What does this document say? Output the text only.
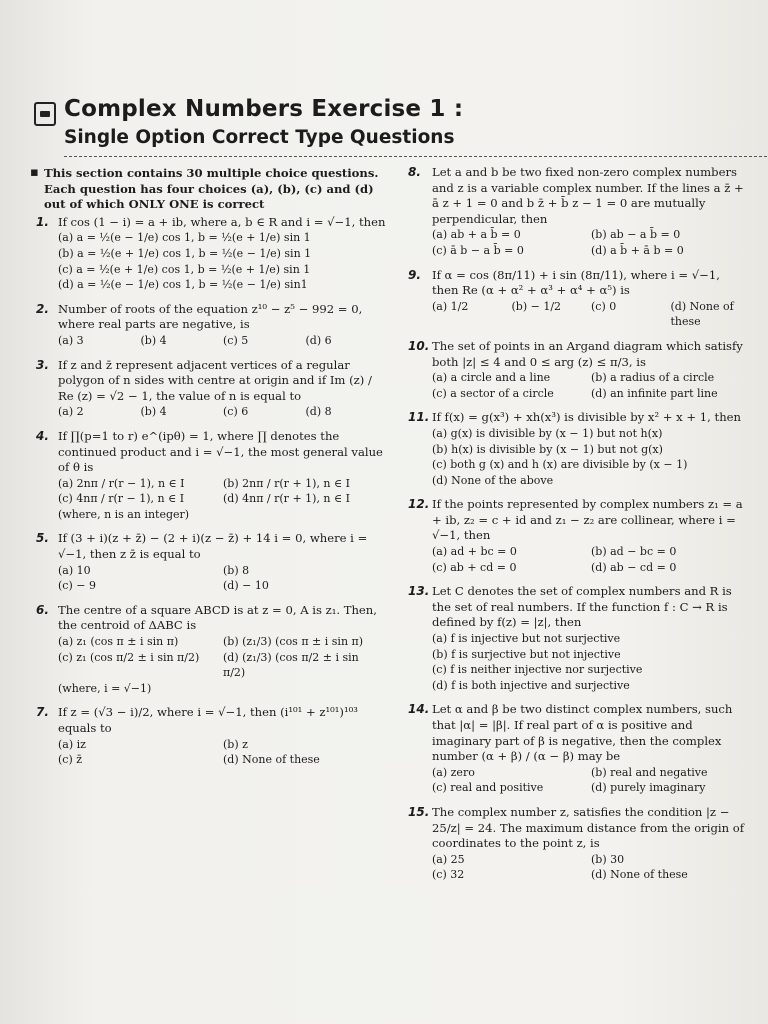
Complex Numbers Exercise 1 :
Single Option Correct Type Questions
▪ This section contains 30 multiple choice questions. Each question has four choices (a), (b), (c) and (d) out of which ONLY ONE is correct
1. If cos (1 − i) = a + ib, where a, b ∈ R and i = √−1, then
(a) a = ½(e − 1/e) cos 1, b = ½(e + 1/e) sin 1
(b) a = ½(e + 1/e) cos 1, b = ½(e − 1/e) sin 1
(c) a = ½(e + 1/e) cos 1, b = ½(e + 1/e) sin 1
(d) a = ½(e − 1/e) cos 1, b = ½(e − 1/e) sin1
2. Number of roots of the equation z¹⁰ − z⁵ − 992 = 0, where real parts are negative, is
(a) 3	(b) 4	(c) 5	(d) 6
3. If z and z̄ represent adjacent vertices of a regular polygon of n sides with centre at origin and if Im (z) / Re (z) = √2 − 1, the value of n is equal to
(a) 2	(b) 4	(c) 6	(d) 8
4. If ∏(p=1 to r) e^(ipθ) = 1, where ∏ denotes the continued product and i = √−1, the most general value of θ is
(a) 2nπ / r(r − 1), n ∈ I	(b) 2nπ / r(r + 1), n ∈ I
(c) 4nπ / r(r − 1), n ∈ I	(d) 4nπ / r(r + 1), n ∈ I
(where, n is an integer)
5. If (3 + i)(z + z̄) − (2 + i)(z − z̄) + 14 i = 0, where i = √−1, then z z̄ is equal to
(a) 10	(b) 8
(c) − 9	(d) − 10
6. The centre of a square ABCD is at z = 0, A is z₁. Then, the centroid of ΔABC is
(a) z₁ (cos π ± i sin π)	(b) (z₁/3) (cos π ± i sin π)
(c) z₁ (cos π/2 ± i sin π/2)	(d) (z₁/3) (cos π/2 ± i sin π/2)
(where, i = √−1)
7. If z = (√3 − i)/2, where i = √−1, then (i¹⁰¹ + z¹⁰¹)¹⁰³ equals to
(a) iz	(b) z
(c) z̄	(d) None of these
8. Let a and b be two fixed non-zero complex numbers and z is a variable complex number. If the lines a z̄ + ā z + 1 = 0 and b z̄ + b̄ z − 1 = 0 are mutually perpendicular, then
(a) ab + a b̄ = 0	(b) ab − a b̄ = 0
(c) ā b − a b̄ = 0	(d) a b̄ + ā b = 0
9. If α = cos (8π/11) + i sin (8π/11), where i = √−1, then Re (α + α² + α³ + α⁴ + α⁵) is
(a) 1/2	(b) − 1/2	(c) 0	(d) None of these
10. The set of points in an Argand diagram which satisfy both |z| ≤ 4 and 0 ≤ arg (z) ≤ π/3, is
(a) a circle and a line	(b) a radius of a circle
(c) a sector of a circle	(d) an infinite part line
11. If f(x) = g(x³) + xh(x³) is divisible by x² + x + 1, then
(a) g(x) is divisible by (x − 1) but not h(x)
(b) h(x) is divisible by (x − 1) but not g(x)
(c) both g (x) and h (x) are divisible by (x − 1)
(d) None of the above
12. If the points represented by complex numbers z₁ = a + ib, z₂ = c + id and z₁ − z₂ are collinear, where i = √−1, then
(a) ad + bc = 0	(b) ad − bc = 0
(c) ab + cd = 0	(d) ab − cd = 0
13. Let C denotes the set of complex numbers and R is the set of real numbers. If the function f : C → R is defined by f(z) = |z|, then
(a) f is injective but not surjective
(b) f is surjective but not injective
(c) f is neither injective nor surjective
(d) f is both injective and surjective
14. Let α and β be two distinct complex numbers, such that |α| = |β|. If real part of α is positive and imaginary part of β is negative, then the complex number (α + β) / (α − β) may be
(a) zero	(b) real and negative
(c) real and positive	(d) purely imaginary
15. The complex number z, satisfies the condition |z − 25/z| = 24. The maximum distance from the origin of coordinates to the point z, is
(a) 25	(b) 30
(c) 32	(d) None of these
